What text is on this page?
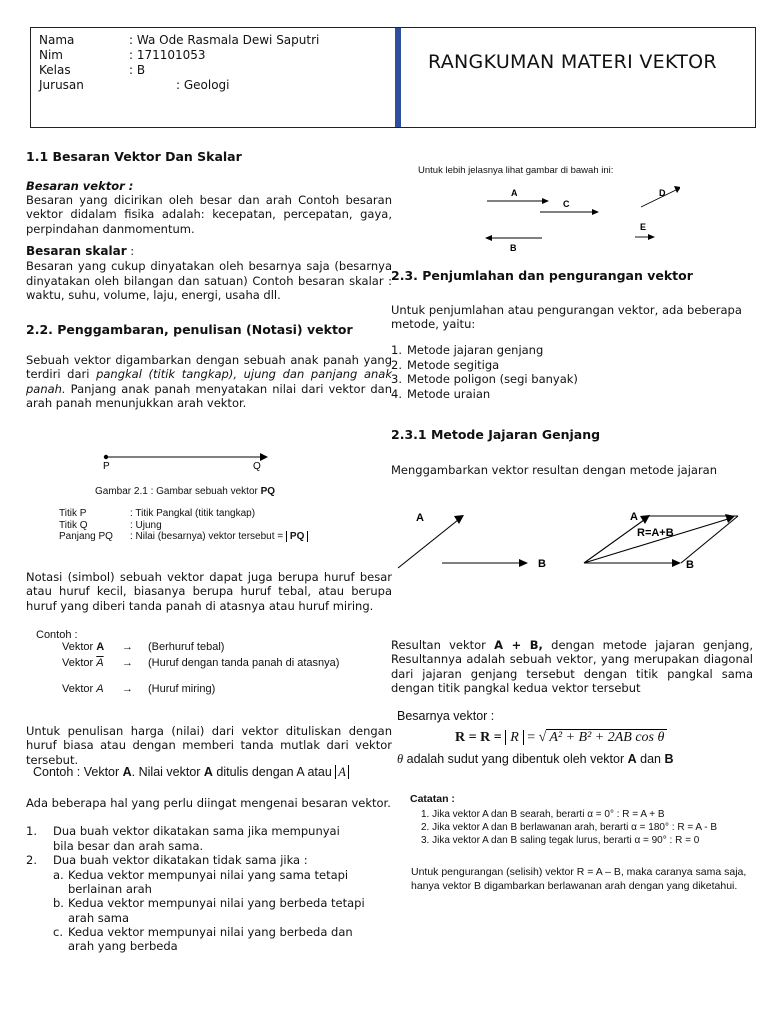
Nama	: Wa Ode Rasmala Dewi Saputri
Nim	: 171101053
Kelas	: B
Jurusan	: Geologi
RANGKUMAN MATERI VEKTOR
1.1 Besaran Vektor Dan Skalar
Besaran vektor :

Besaran yang dicirikan oleh besar dan arah Contoh besaran vektor didalam fisika adalah: kecepatan, percepatan, gaya, perpindahan danmomentum.

Besaran skalar :

Besaran yang cukup dinyatakan oleh besarnya saja (besarnya dinyatakan oleh bilangan dan satuan) Contoh besaran skalar : waktu, suhu, volume, laju, energi, usaha dll.

2.2. Penggambaran, penulisan (Notasi) vektor

Sebuah vektor digambarkan dengan sebuah anak panah yang terdiri dari pangkal (titik tangkap), ujung dan panjang anak panah. Panjang anak panah menyatakan nilai dari vektor dan arah panah menunjukkan arah vektor.

P	Q
Gambar 2.1 : Gambar sebuah vektor PQ
Titik P	: Titik Pangkal (titik tangkap)
Titik Q	: Ujung
Panjang PQ : Nilai (besarnya) vektor tersebut = PQ

Notasi (simbol) sebuah vektor dapat juga berupa huruf besar atau huruf kecil, biasanya berupa huruf tebal, atau berupa huruf yang diberi tanda panah di atasnya atau huruf miring.

Contoh :
Vektor A → (Berhuruf tebal)
Vektor $\overline{A}$ → (Huruf dengan tanda panah di atasnya)
Vektor A → (Huruf miring)

Untuk penulisan harga (nilai) dari vektor dituliskan dengan huruf biasa atau dengan memberi tanda mutlak dari vektor tersebut.

Contoh : Vektor A. Nilai vektor A ditulis dengan A atau A

Ada beberapa hal yang perlu diingat mengenai besaran vektor.

1.	Dua buah vektor dikatakan sama jika mempunyai bila besar dan arah sama.
2.	Dua buah vektor dikatakan tidak sama jika :
a. Kedua vektor mempunyai nilai yang sama tetapi berlainan arah
b. Kedua vektor mempunyai nilai yang berbeda tetapi arah sama
c. Kedua vektor mempunyai nilai yang berbeda dan arah yang berbeda
Untuk lebih jelasnya lihat gambar di bawah ini:
A
C
B
D
E
2.3. Penjumlahan dan pengurangan vektor

Untuk penjumlahan atau pengurangan vektor, ada beberapa metode, yaitu:

1. Metode jajaran genjang
2. Metode segitiga
3. Metode poligon (segi banyak)
4. Metode uraian
2.3.1 Metode Jajaran Genjang

Menggambarkan vektor resultan dengan metode jajaran

A
B
A
R=A+B
B

Resultan vektor A + B, dengan metode jajaran genjang, Resultannya adalah sebuah vektor, yang merupakan diagonal dari jajaran genjang tersebut dengan titik pangkal sama dengan titik pangkal kedua vektor tersebut

Besarnya vektor :
R = R = R = √ A² + B² + 2AB cos θ
θ adalah sudut yang dibentuk oleh vektor A dan B
Catatan :
1. Jika vektor A dan B searah, berarti α = 0° : R = A + B
2. Jika vektor A dan B berlawanan arah, berarti α = 180° : R = A - B
3. Jika vektor A dan B saling tegak lurus, berarti α = 90° : R = 0
Untuk pengurangan (selisih) vektor R = A – B, maka caranya sama saja, hanya vektor B digambarkan berlawanan arah dengan yang diketahui.
